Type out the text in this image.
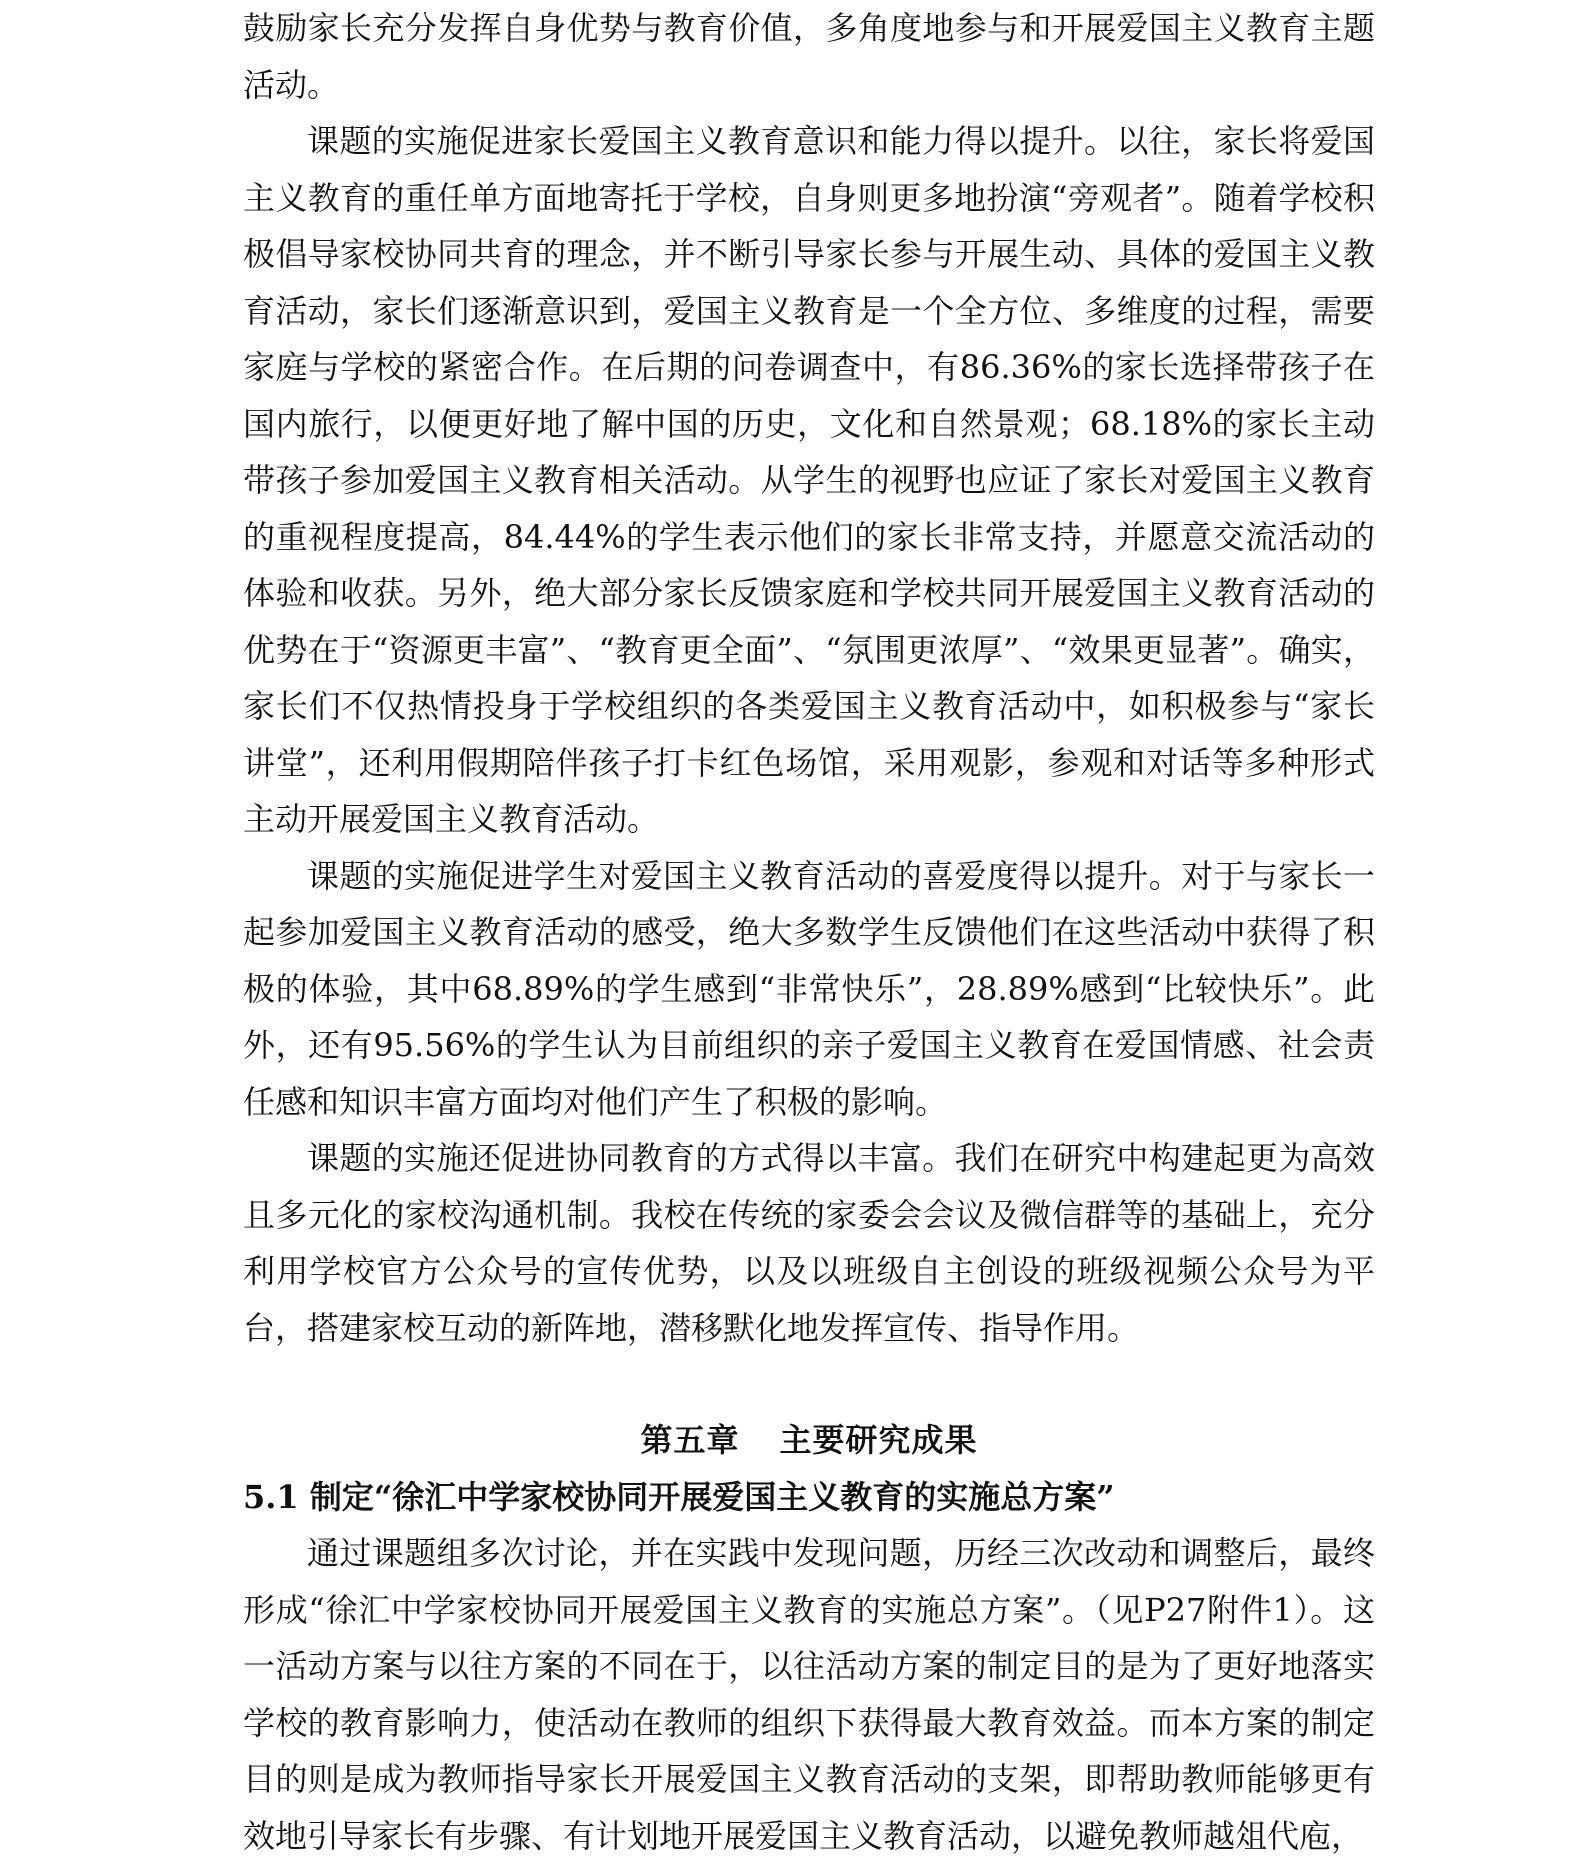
鼓励家长充分发挥自身优势与教育价值，多角度地参与和开展爱国主义教育主题活动。

课题的实施促进家长爱国主义教育意识和能力得以提升。以往，家长将爱国主义教育的重任单方面地寄托于学校，自身则更多地扮演“旁观者”。随着学校积极倡导家校协同共育的理念，并不断引导家长参与开展生动、具体的爱国主义教育活动，家长们逐渐意识到，爱国主义教育是一个全方位、多维度的过程，需要家庭与学校的紧密合作。在后期的问卷调查中，有86.36%的家长选择带孩子在国内旅行，以便更好地了解中国的历史，文化和自然景观；68.18%的家长主动带孩子参加爱国主义教育相关活动。从学生的视野也应证了家长对爱国主义教育的重视程度提高，84.44%的学生表示他们的家长非常支持，并愿意交流活动的体验和收获。另外，绝大部分家长反馈家庭和学校共同开展爱国主义教育活动的优势在于“资源更丰富”、“教育更全面”、“氛围更浓厚”、“效果更显著”。确实，家长们不仅热情投身于学校组织的各类爱国主义教育活动中，如积极参与“家长讲堂”，还利用假期陪伴孩子打卡红色场馆，采用观影，参观和对话等多种形式主动开展爱国主义教育活动。

课题的实施促进学生对爱国主义教育活动的喜爱度得以提升。对于与家长一起参加爱国主义教育活动的感受，绝大多数学生反馈他们在这些活动中获得了积极的体验，其中68.89%的学生感到“非常快乐”，28.89%感到“比较快乐”。此外，还有95.56%的学生认为目前组织的亲子爱国主义教育在爱国情感、社会责任感和知识丰富方面均对他们产生了积极的影响。

课题的实施还促进协同教育的方式得以丰富。我们在研究中构建起更为高效且多元化的家校沟通机制。我校在传统的家委会会议及微信群等的基础上，充分利用学校官方公众号的宣传优势，以及以班级自主创设的班级视频公众号为平台，搭建家校互动的新阵地，潜移默化地发挥宣传、指导作用。

第五章 主要研究成果
5.1 制定“徐汇中学家校协同开展爱国主义教育的实施总方案”

通过课题组多次讨论，并在实践中发现问题，历经三次改动和调整后，最终形成“徐汇中学家校协同开展爱国主义教育的实施总方案”。（见P27附件1）。这一活动方案与以往方案的不同在于，以往活动方案的制定目的是为了更好地落实学校的教育影响力，使活动在教师的组织下获得最大教育效益。而本方案的制定目的则是成为教师指导家长开展爱国主义教育活动的支架，即帮助教师能够更有效地引导家长有步骤、有计划地开展爱国主义教育活动，以避免教师越俎代庖，
